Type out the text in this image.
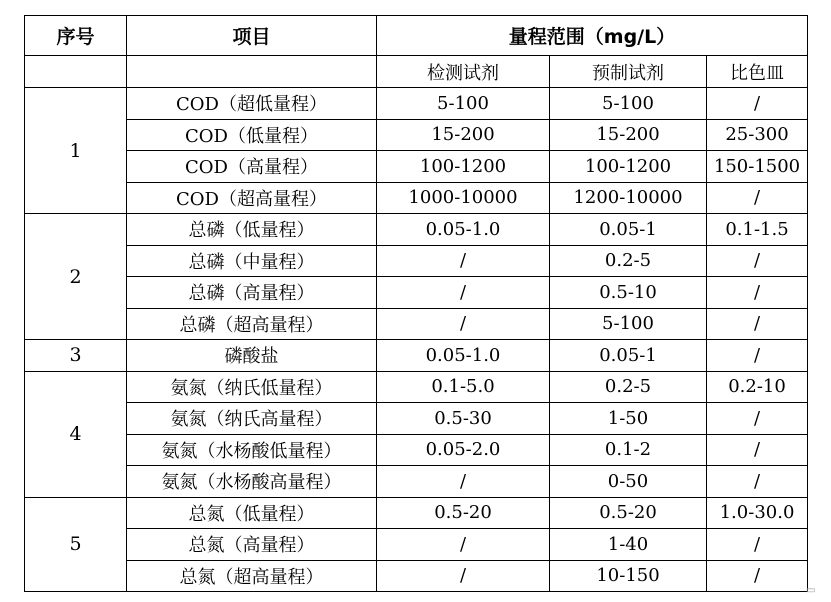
序号	项目	量程范围（mg/L）		
		检测试剂	预制试剂	比色皿
1	COD（超低量程）	5-100	5-100	/
	COD（低量程）	15-200	15-200	25-300
	COD（高量程）	100-1200	100-1200	150-1500
	COD（超高量程）	1000-10000	1200-10000	/
2	总磷（低量程）	0.05-1.0	0.05-1	0.1-1.5
	总磷（中量程）	/	0.2-5	/
	总磷（高量程）	/	0.5-10	/
	总磷（超高量程）	/	5-100	/
3	磷酸盐	0.05-1.0	0.05-1	/
4	氨氮（纳氏低量程）	0.1-5.0	0.2-5	0.2-10
	氨氮（纳氏高量程）	0.5-30	1-50	/
	氨氮（水杨酸低量程）	0.05-2.0	0.1-2	/
	氨氮（水杨酸高量程）	/	0-50	/
5	总氮（低量程）	0.5-20	0.5-20	1.0-30.0
	总氮（高量程）	/	1-40	/
	总氮（超高量程）	/	10-150	/
▭
